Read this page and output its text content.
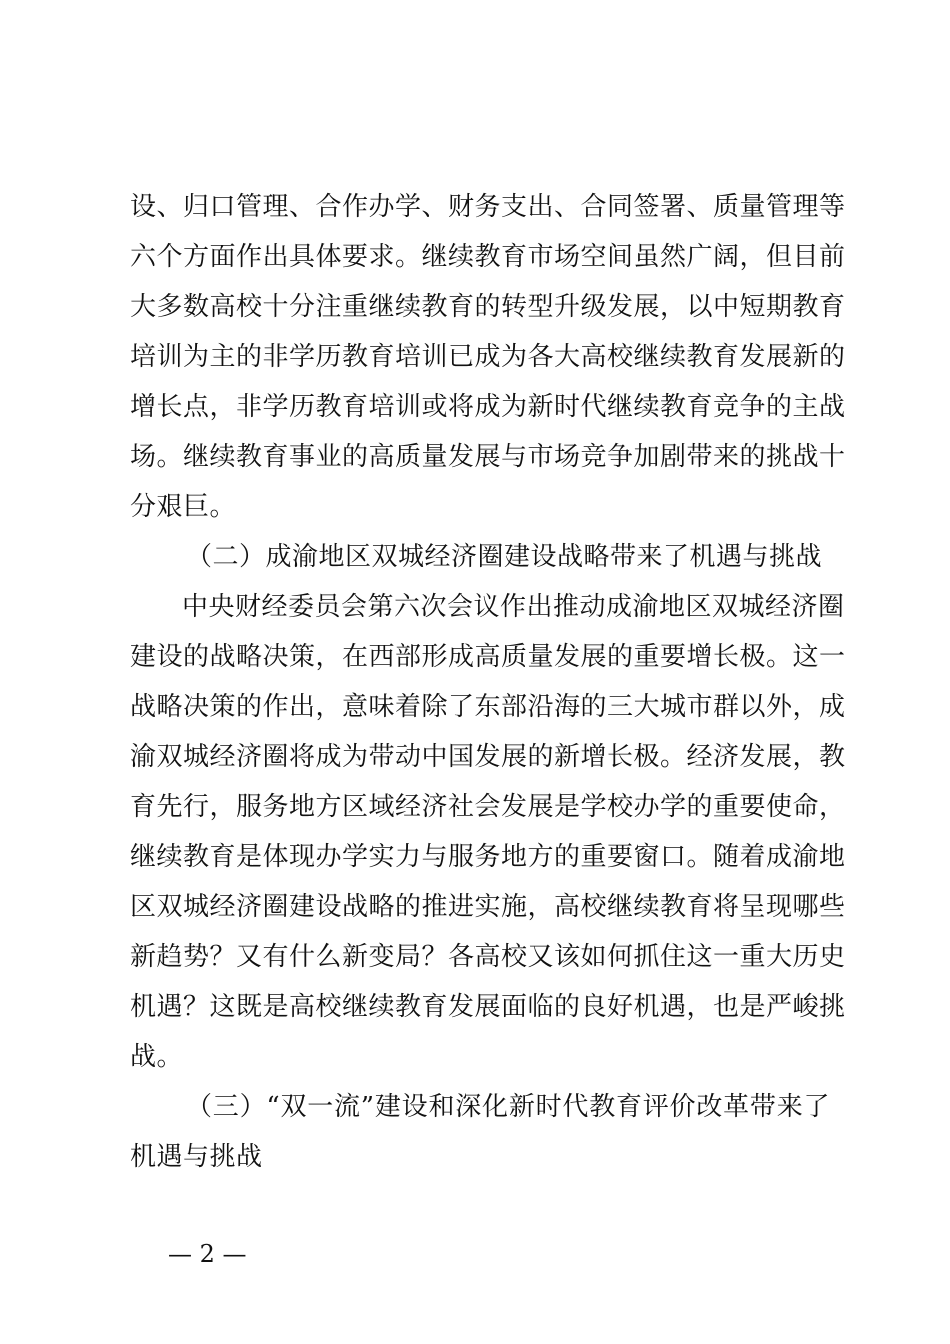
设、归口管理、合作办学、财务支出、合同签署、质量管理等
六个方面作出具体要求。继续教育市场空间虽然广阔，但目前
大多数高校十分注重继续教育的转型升级发展，以中短期教育
培训为主的非学历教育培训已成为各大高校继续教育发展新的
增长点，非学历教育培训或将成为新时代继续教育竞争的主战
场。继续教育事业的高质量发展与市场竞争加剧带来的挑战十
分艰巨。
（二）成渝地区双城经济圈建设战略带来了机遇与挑战
中央财经委员会第六次会议作出推动成渝地区双城经济圈
建设的战略决策，在西部形成高质量发展的重要增长极。这一
战略决策的作出，意味着除了东部沿海的三大城市群以外，成
渝双城经济圈将成为带动中国发展的新增长极。经济发展，教
育先行，服务地方区域经济社会发展是学校办学的重要使命，
继续教育是体现办学实力与服务地方的重要窗口。随着成渝地
区双城经济圈建设战略的推进实施，高校继续教育将呈现哪些
新趋势？又有什么新变局？各高校又该如何抓住这一重大历史
机遇？这既是高校继续教育发展面临的良好机遇，也是严峻挑
战。
（三）“双一流”建设和深化新时代教育评价改革带来了
机遇与挑战
— 2 —
